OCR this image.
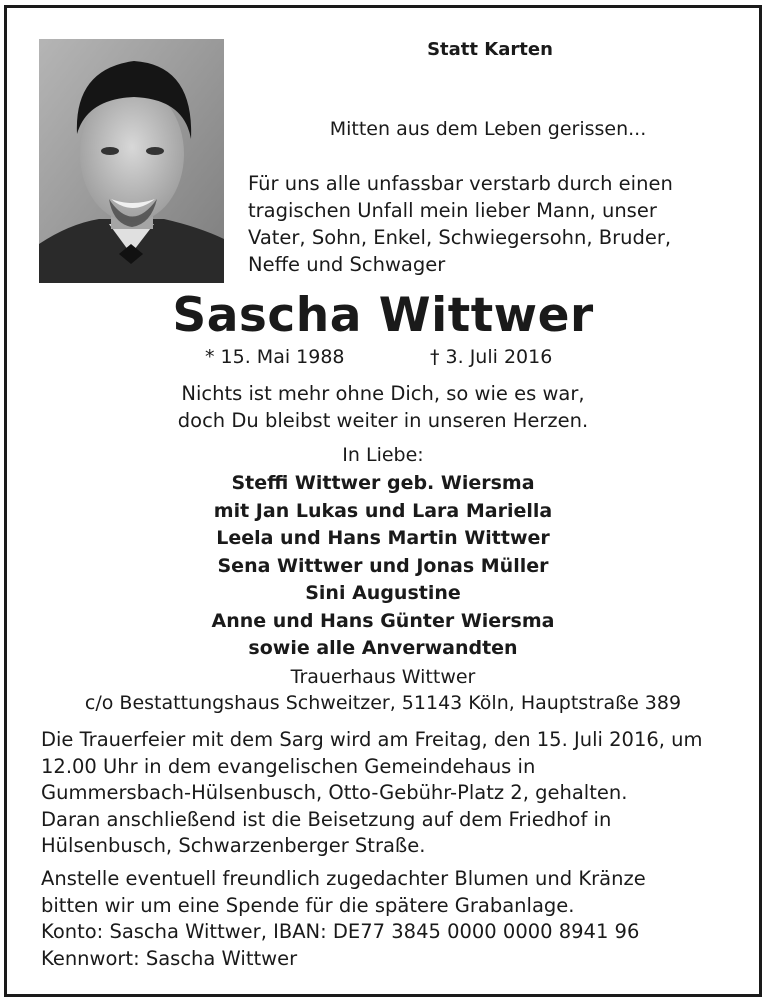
Statt Karten
Mitten aus dem Leben gerissen...
Für uns alle unfassbar verstarb durch einen
tragischen Unfall mein lieber Mann, unser
Vater, Sohn, Enkel, Schwiegersohn, Bruder,
Neffe und Schwager
Sascha Wittwer
* 15. Mai 1988	† 3. Juli 2016
Nichts ist mehr ohne Dich, so wie es war,
doch Du bleibst weiter in unseren Herzen.
In Liebe:
Steffi Wittwer geb. Wiersma
mit Jan Lukas und Lara Mariella
Leela und Hans Martin Wittwer
Sena Wittwer und Jonas Müller
Sini Augustine
Anne und Hans Günter Wiersma
sowie alle Anverwandten
Trauerhaus Wittwer
c/o Bestattungshaus Schweitzer, 51143 Köln, Hauptstraße 389
Die Trauerfeier mit dem Sarg wird am Freitag, den 15. Juli 2016, um
12.00 Uhr in dem evangelischen Gemeindehaus in
Gummersbach-Hülsenbusch, Otto-Gebühr-Platz 2, gehalten.
Daran anschließend ist die Beisetzung auf dem Friedhof in
Hülsenbusch, Schwarzenberger Straße.
Anstelle eventuell freundlich zugedachter Blumen und Kränze
bitten wir um eine Spende für die spätere Grabanlage.
Konto: Sascha Wittwer, IBAN: DE77 3845 0000 0000 8941 96
Kennwort: Sascha Wittwer
